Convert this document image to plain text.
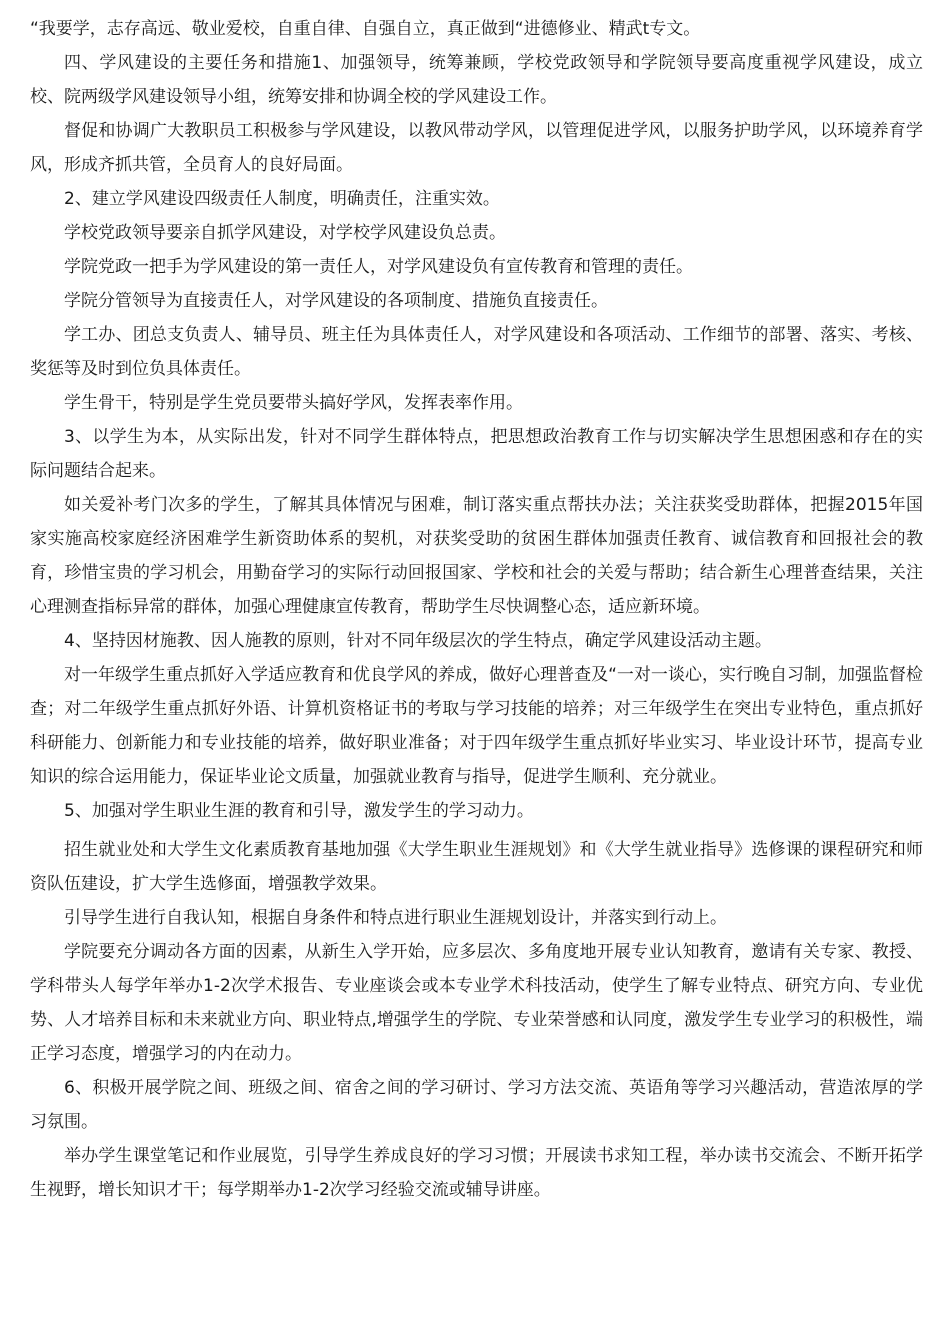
“我要学，志存高远、敬业爱校，自重自律、自强自立，真正做到“进德修业、精武t专文。

四、学风建设的主要任务和措施1、加强领导，统筹兼顾，学校党政领导和学院领导要高度重视学风建设，成立校、院两级学风建设领导小组，统筹安排和协调全校的学风建设工作。

督促和协调广大教职员工积极参与学风建设，以教风带动学风，以管理促进学风，以服务护助学风，以环境养育学风，形成齐抓共管，全员育人的良好局面。

2、建立学风建设四级责任人制度，明确责任，注重实效。

学校党政领导要亲自抓学风建设，对学校学风建设负总责。

学院党政一把手为学风建设的第一责任人，对学风建设负有宣传教育和管理的责任。

学院分管领导为直接责任人，对学风建设的各项制度、措施负直接责任。

学工办、团总支负责人、辅导员、班主任为具体责任人，对学风建设和各项活动、工作细节的部署、落实、考核、奖惩等及时到位负具体责任。

学生骨干，特别是学生党员要带头搞好学风，发挥表率作用。

3、以学生为本，从实际出发，针对不同学生群体特点，把思想政治教育工作与切实解决学生思想困惑和存在的实际问题结合起来。

如关爱补考门次多的学生，了解其具体情况与困难，制订落实重点帮扶办法；关注获奖受助群体，把握2015年国家实施高校家庭经济困难学生新资助体系的契机，对获奖受助的贫困生群体加强责任教育、诚信教育和回报社会的教育，珍惜宝贵的学习机会，用勤奋学习的实际行动回报国家、学校和社会的关爱与帮助；结合新生心理普查结果，关注心理测查指标异常的群体，加强心理健康宣传教育，帮助学生尽快调整心态，适应新环境。

4、坚持因材施教、因人施教的原则，针对不同年级层次的学生特点，确定学风建设活动主题。

对一年级学生重点抓好入学适应教育和优良学风的养成，做好心理普查及“一对一谈心，实行晚自习制，加强监督检查；对二年级学生重点抓好外语、计算机资格证书的考取与学习技能的培养；对三年级学生在突出专业特色，重点抓好科研能力、创新能力和专业技能的培养，做好职业准备；对于四年级学生重点抓好毕业实习、毕业设计环节，提高专业知识的综合运用能力，保证毕业论文质量，加强就业教育与指导，促进学生顺利、充分就业。

5、加强对学生职业生涯的教育和引导，激发学生的学习动力。

招生就业处和大学生文化素质教育基地加强《大学生职业生涯规划》和《大学生就业指导》选修课的课程研究和师资队伍建设，扩大学生选修面，增强教学效果。

引导学生进行自我认知，根据自身条件和特点进行职业生涯规划设计，并落实到行动上。

学院要充分调动各方面的因素，从新生入学开始，应多层次、多角度地开展专业认知教育，邀请有关专家、教授、学科带头人每学年举办1-2次学术报告、专业座谈会或本专业学术科技活动，使学生了解专业特点、研究方向、专业优势、人才培养目标和未来就业方向、职业特点,增强学生的学院、专业荣誉感和认同度，激发学生专业学习的积极性，端正学习态度，增强学习的内在动力。

6、积极开展学院之间、班级之间、宿舍之间的学习研讨、学习方法交流、英语角等学习兴趣活动，营造浓厚的学习氛围。

举办学生课堂笔记和作业展览，引导学生养成良好的学习习惯；开展读书求知工程，举办读书交流会、不断开拓学生视野，增长知识才干；每学期举办1-2次学习经验交流或辅导讲座。
